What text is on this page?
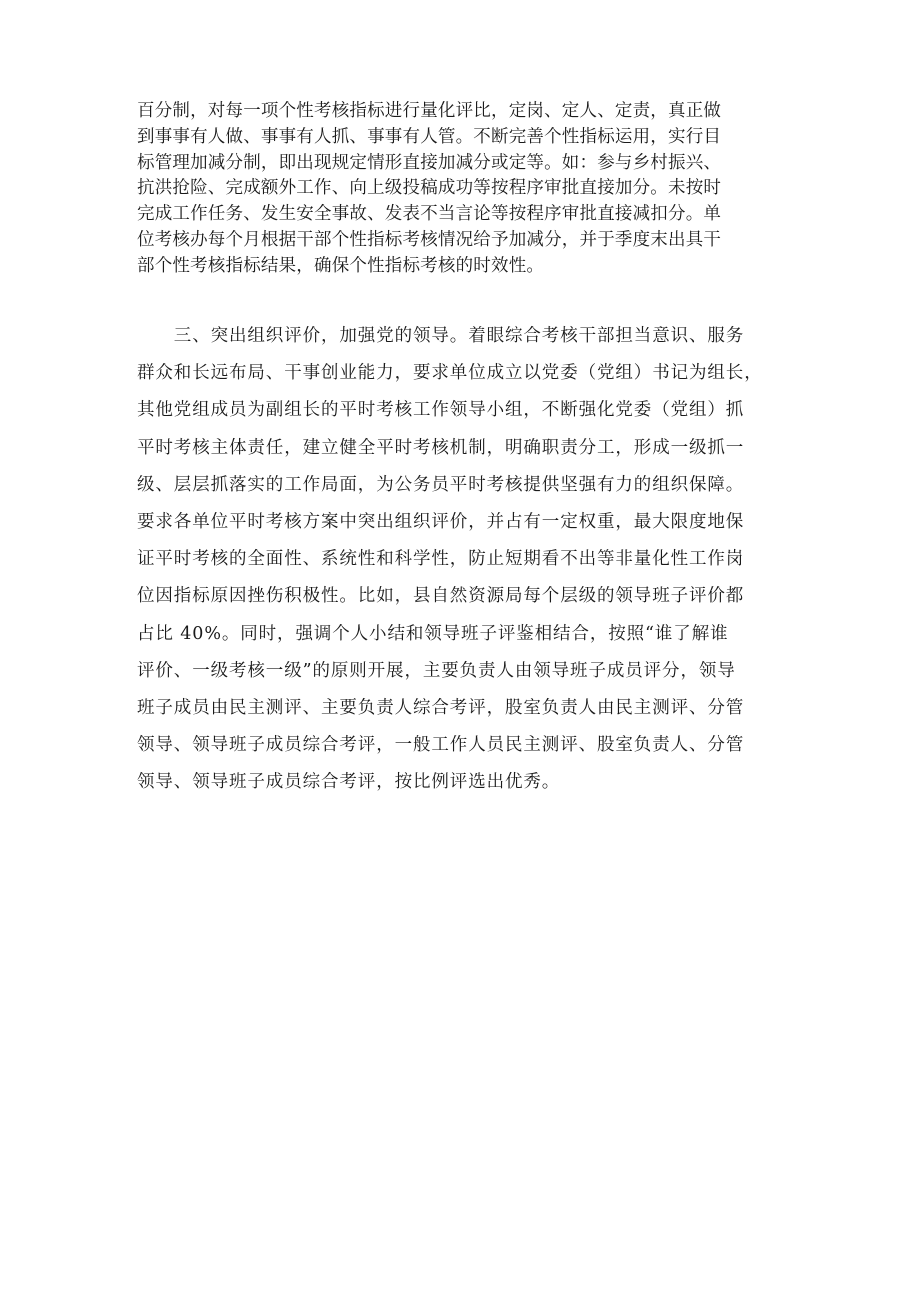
百分制，对每一项个性考核指标进行量化评比，定岗、定人、定责，真正做
到事事有人做、事事有人抓、事事有人管。不断完善个性指标运用，实行目
标管理加减分制，即出现规定情形直接加减分或定等。如：参与乡村振兴、
抗洪抢险、完成额外工作、向上级投稿成功等按程序审批直接加分。未按时
完成工作任务、发生安全事故、发表不当言论等按程序审批直接减扣分。单
位考核办每个月根据干部个性指标考核情况给予加减分，并于季度末出具干
部个性考核指标结果，确保个性指标考核的时效性。
　　三、突出组织评价，加强党的领导。着眼综合考核干部担当意识、服务
群众和长远布局、干事创业能力，要求单位成立以党委（党组）书记为组长，
其他党组成员为副组长的平时考核工作领导小组，不断强化党委（党组）抓
平时考核主体责任，建立健全平时考核机制，明确职责分工，形成一级抓一
级、层层抓落实的工作局面，为公务员平时考核提供坚强有力的组织保障。
要求各单位平时考核方案中突出组织评价，并占有一定权重，最大限度地保
证平时考核的全面性、系统性和科学性，防止短期看不出等非量化性工作岗
位因指标原因挫伤积极性。比如，县自然资源局每个层级的领导班子评价都
占比 40%。同时，强调个人小结和领导班子评鉴相结合，按照“谁了解谁
评价、一级考核一级”的原则开展，主要负责人由领导班子成员评分，领导
班子成员由民主测评、主要负责人综合考评，股室负责人由民主测评、分管
领导、领导班子成员综合考评，一般工作人员民主测评、股室负责人、分管
领导、领导班子成员综合考评，按比例评选出优秀。
